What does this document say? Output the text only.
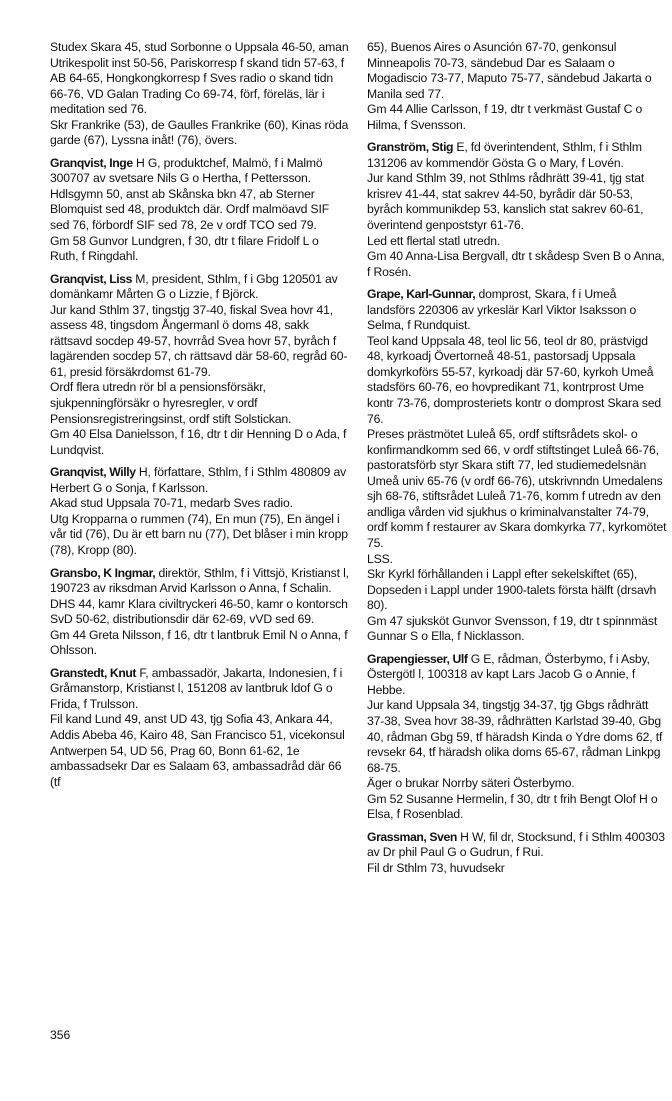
Studex Skara 45, stud Sorbonne o Uppsala 46-50, aman Utrikespolit inst 50-56, Pariskorresp f skand tidn 57-63, f AB 64-65, Hongkongkorresp f Sves radio o skand tidn 66-76, VD Galan Trading Co 69-74, förf, föreläs, lär i meditation sed 76.
Skr Frankrike (53), de Gaulles Frankrike (60), Kinas röda garde (67), Lyssna inåt! (76), övers.
Granqvist, Inge H G, produktchef, Malmö, f i Malmö 300707 av svetsare Nils G o Hertha, f Pettersson.
Hdlsgymn 50, anst ab Skånska bkn 47, ab Sterner Blomquist sed 48, produktch där. Ordf malmöavd SIF sed 76, förbordf SIF sed 78, 2e v ordf TCO sed 79.
Gm 58 Gunvor Lundgren, f 30, dtr t filare Fridolf L o Ruth, f Ringdahl.
Granqvist, Liss M, president, Sthlm, f i Gbg 120501 av domänkamr Mårten G o Lizzie, f Björck.
Jur kand Sthlm 37, tingstjg 37-40, fiskal Svea hovr 41, assess 48, tingsdom Ångermanl ö doms 48, sakk rättsavd socdep 49-57, hovrråd Svea hovr 57, byråch f lagärenden socdep 57, ch rättsavd där 58-60, regråd 60-61, presid försäkrdomst 61-79.
Ordf flera utredn rör bl a pensionsförsäkr, sjukpenningförsäkr o hyresregler, v ordf Pensionsregistreringsinst, ordf stift Solstickan.
Gm 40 Elsa Danielsson, f 16, dtr t dir Henning D o Ada, f Lundqvist.
Granqvist, Willy H, författare, Sthlm, f i Sthlm 480809 av Herbert G o Sonja, f Karlsson.
Akad stud Uppsala 70-71, medarb Sves radio.
Utg Kropparna o rummen (74), En mun (75), En ängel i vår tid (76), Du är ett barn nu (77), Det blåser i min kropp (78), Kropp (80).
Gransbo, K Ingmar, direktör, Sthlm, f i Vittsjö, Kristianst l, 190723 av riksdman Arvid Karlsson o Anna, f Schalin.
DHS 44, kamr Klara civiltryckeri 46-50, kamr o kontorsch SvD 50-62, distributionsdir där 62-69, vVD sed 69.
Gm 44 Greta Nilsson, f 16, dtr t lantbruk Emil N o Anna, f Ohlsson.
Granstedt, Knut F, ambassadör, Jakarta, Indonesien, f i Gråmanstorp, Kristianst l, 151208 av lantbruk ldof G o Frida, f Trulsson.
Fil kand Lund 49, anst UD 43, tjg Sofia 43, Ankara 44, Addis Abeba 46, Kairo 48, San Francisco 51, vicekonsul Antwerpen 54, UD 56, Prag 60, Bonn 61-62, 1e ambassadsekr Dar es Salaam 63, ambassadråd där 66 (tf
65), Buenos Aires o Asunción 67-70, genkonsul Minneapolis 70-73, sändebud Dar es Salaam o Mogadiscio 73-77, Maputo 75-77, sändebud Jakarta o Manila sed 77.
Gm 44 Allie Carlsson, f 19, dtr t verkmäst Gustaf C o Hilma, f Svensson.
Granström, Stig E, fd överintendent, Sthlm, f i Sthlm 131206 av kommendör Gösta G o Mary, f Lovén.
Jur kand Sthlm 39, not Sthlms rådhrätt 39-41, tjg stat krisrev 41-44, stat sakrev 44-50, byrådir där 50-53, byråch kommunikdep 53, kanslich stat sakrev 60-61, överintend genpoststyr 61-76.
Led ett flertal statl utredn.
Gm 40 Anna-Lisa Bergvall, dtr t skådesp Sven B o Anna, f Rosén.
Grape, Karl-Gunnar, domprost, Skara, f i Umeå landsförs 220306 av yrkeslär Karl Viktor Isaksson o Selma, f Rundquist.
Teol kand Uppsala 48, teol lic 56, teol dr 80, prästvigd 48, kyrkoadj Övertorneå 48-51, pastorsadj Uppsala domkyrkoförs 55-57, kyrkoadj där 57-60, kyrkoh Umeå stadsförs 60-76, eo hovpredikant 71, kontrprost Ume kontr 73-76, domprosteriets kontr o domprost Skara sed 76.
Preses prästmötet Luleå 65, ordf stiftsrådets skol- o konfirmandkomm sed 66, v ordf stiftstinget Luleå 66-76, pastoratsförb styr Skara stift 77, led studiemedelsnän Umeå univ 65-76 (v ordf 66-76), utskrivnndn Umedalens sjh 68-76, stiftsrådet Luleå 71-76, komm f utredn av den andliga vården vid sjukhus o kriminalvanstalter 74-79, ordf komm f restaurer av Skara domkyrka 77, kyrkomötet 75.
LSS.
Skr Kyrkl förhållanden i Lappl efter sekelskiftet (65), Dopseden i Lappl under 1900-talets första hälft (drsavh 80).
Gm 47 sjuksköt Gunvor Svensson, f 19, dtr t spinnmäst Gunnar S o Ella, f Nicklasson.
Grapengiesser, Ulf G E, rådman, Österbymo, f i Asby, Östergötl l, 100318 av kapt Lars Jacob G o Annie, f Hebbe.
Jur kand Uppsala 34, tingstjg 34-37, tjg Gbgs rådhrätt 37-38, Svea hovr 38-39, rådhrätten Karlstad 39-40, Gbg 40, rådman Gbg 59, tf häradsh Kinda o Ydre doms 62, tf revsekr 64, tf häradsh olika doms 65-67, rådman Linkpg 68-75.
Äger o brukar Norrby säteri Österbymo.
Gm 52 Susanne Hermelin, f 30, dtr t frih Bengt Olof H o Elsa, f Rosenblad.
Grassman, Sven H W, fil dr, Stocksund, f i Sthlm 400303 av Dr phil Paul G o Gudrun, f Rui.
Fil dr Sthlm 73, huvudsekr
356
